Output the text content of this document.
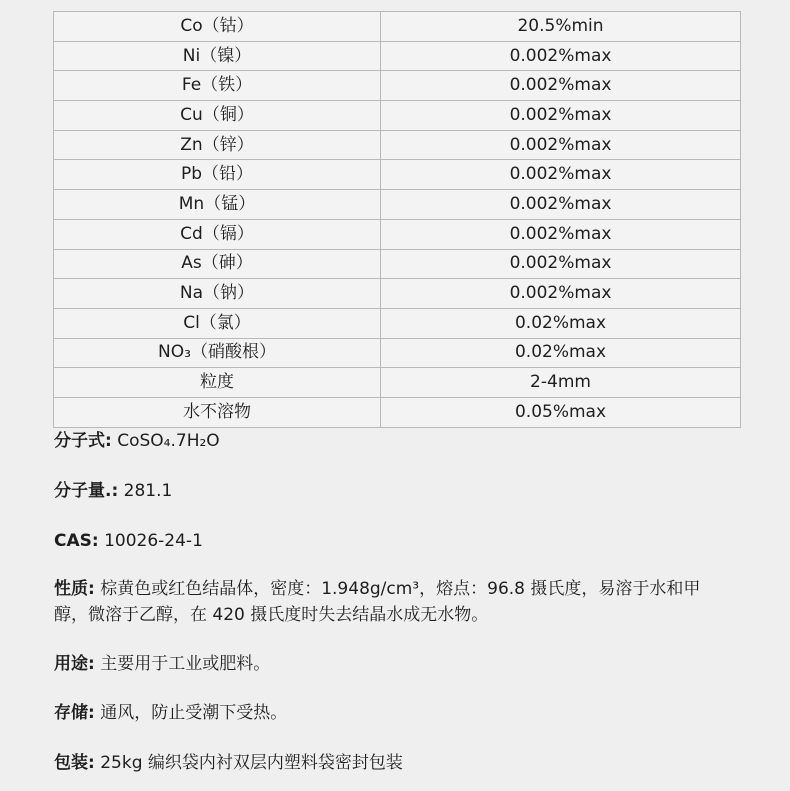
Co（钴）	20.5%min
Ni（镍）	0.002%max
Fe（铁）	0.002%max
Cu（铜）	0.002%max
Zn（锌）	0.002%max
Pb（铅）	0.002%max
Mn（锰）	0.002%max
Cd（镉）	0.002%max
As（砷）	0.002%max
Na（钠）	0.002%max
Cl（氯）	0.02%max
NO₃（硝酸根）	0.02%max
粒度	2-4mm
水不溶物	0.05%max
分子式: CoSO₄.7H₂O
分子量.: 281.1
CAS: 10026-24-1
性质: 棕黄色或红色结晶体，密度：1.948g/cm³，熔点：96.8 摄氏度，易溶于水和甲醇，微溶于乙醇，在 420 摄氏度时失去结晶水成无水物。
用途: 主要用于工业或肥料。
存储: 通风，防止受潮下受热。
包装: 25kg 编织袋内衬双层内塑料袋密封包装
